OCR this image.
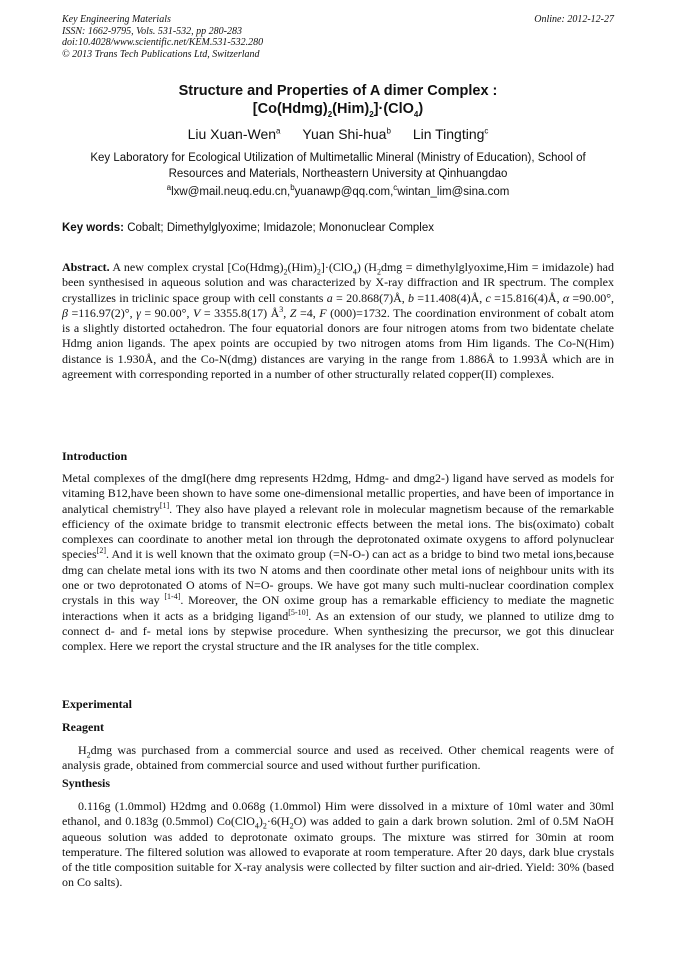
Key Engineering Materials
ISSN: 1662-9795, Vols. 531-532, pp 280-283
doi:10.4028/www.scientific.net/KEM.531-532.280
© 2013 Trans Tech Publications Ltd, Switzerland
Online: 2012-12-27
Structure and Properties of A dimer Complex :
$[Co(Hdmg)_2(Him)_2]\cdot(ClO_4)$
Liu Xuan-Wen$^a$ Yuan Shi-hua$^b$ Lin Tingting$^c$
Key Laboratory for Ecological Utilization of Multimetallic Mineral (Ministry of Education), School of
Resources and Materials, Northeastern University at Qinhuangdao
$^a$lxw@mail.neuq.edu.cn,$^b$yuanawp@qq.com,$^c$wintan_lim@sina.com
Key words: Cobalt; Dimethylglyoxime; Imidazole; Mononuclear Complex
Abstract. A new complex crystal $[Co(Hdmg)_2(Him)_2]\cdot(ClO_4) (H_2dmg$ = dimethylglyoxime,Him = imidazole) had been synthesised in aqueous solution and was characterized by X-ray diffraction and IR spectrum. The complex crystallizes in triclinic space group with cell constants a = 20.868(7)Å, b =11.408(4)Å, c =15.816(4)Å, α =90.00°, β =116.97(2)°, γ = 90.00°, V = 3355.8(17) $Å^3$, Z =4, F (000)=1732. The coordination environment of cobalt atom is a slightly distorted octahedron. The four equatorial donors are four nitrogen atoms from two bidentate chelate Hdmg anion ligands. The apex points are occupied by two nitrogen atoms from Him ligands. The Co-N(Him) distance is 1.930Å, and the Co-N(dmg) distances are varying in the range from 1.886Å to 1.993Å which are in agreement with corresponding reported in a number of other structurally related copper(II) complexes.
Introduction
Metal complexes of the dmgI(here dmg represents H2dmg, Hdmg- and dmg2-) ligand have served as models for vitaming B12,have been shown to have some one-dimensional metallic properties, and have been of importance in analytical chemistry[1]. They also have played a relevant role in molecular magnetism because of the remarkable efficiency of the oximate bridge to transmit electronic effects between the metal ions. The bis(oximato) cobalt complexes can coordinate to another metal ion through the deprotonated oximate oxygens to afford polynuclear species[2]. And it is well known that the oximato group (=N-O-) can act as a bridge to bind two metal ions,because dmg can chelate metal ions with its two N atoms and then coordinate other metal ions of neighbour units with its one or two deprotonated O atoms of N=O- groups. We have got many such multi-nuclear coordination complex crystals in this way [1-4]. Moreover, the ON oxime group has a remarkable efficiency to mediate the magnetic interactions when it acts as a bridging ligand[5-10]. As an extension of our study, we planned to utilize dmg to connect d- and f- metal ions by stepwise procedure. When synthesizing the precursor, we got this dinuclear complex. Here we report the crystal structure and the IR analyses for the title complex.
Experimental
Reagent
$H_2dmg$ was purchased from a commercial source and used as received. Other chemical reagents were of analysis grade, obtained from commercial source and used without further purification.
Synthesis
0.116g (1.0mmol) H2dmg and 0.068g (1.0mmol) Him were dissolved in a mixture of 10ml water and 30ml ethanol, and 0.183g (0.5mmol) $Co(ClO_4)_2\cdot 6(H_2O)$ was added to gain a dark brown solution. 2ml of 0.5M NaOH aqueous solution was added to deprotonate oximato groups. The mixture was stirred for 30min at room temperature. The filtered solution was allowed to evaporate at room temperature. After 20 days, dark blue crystals of the title composition suitable for X-ray analysis were collected by filter suction and air-dried. Yield: 30% (based on Co salts).
